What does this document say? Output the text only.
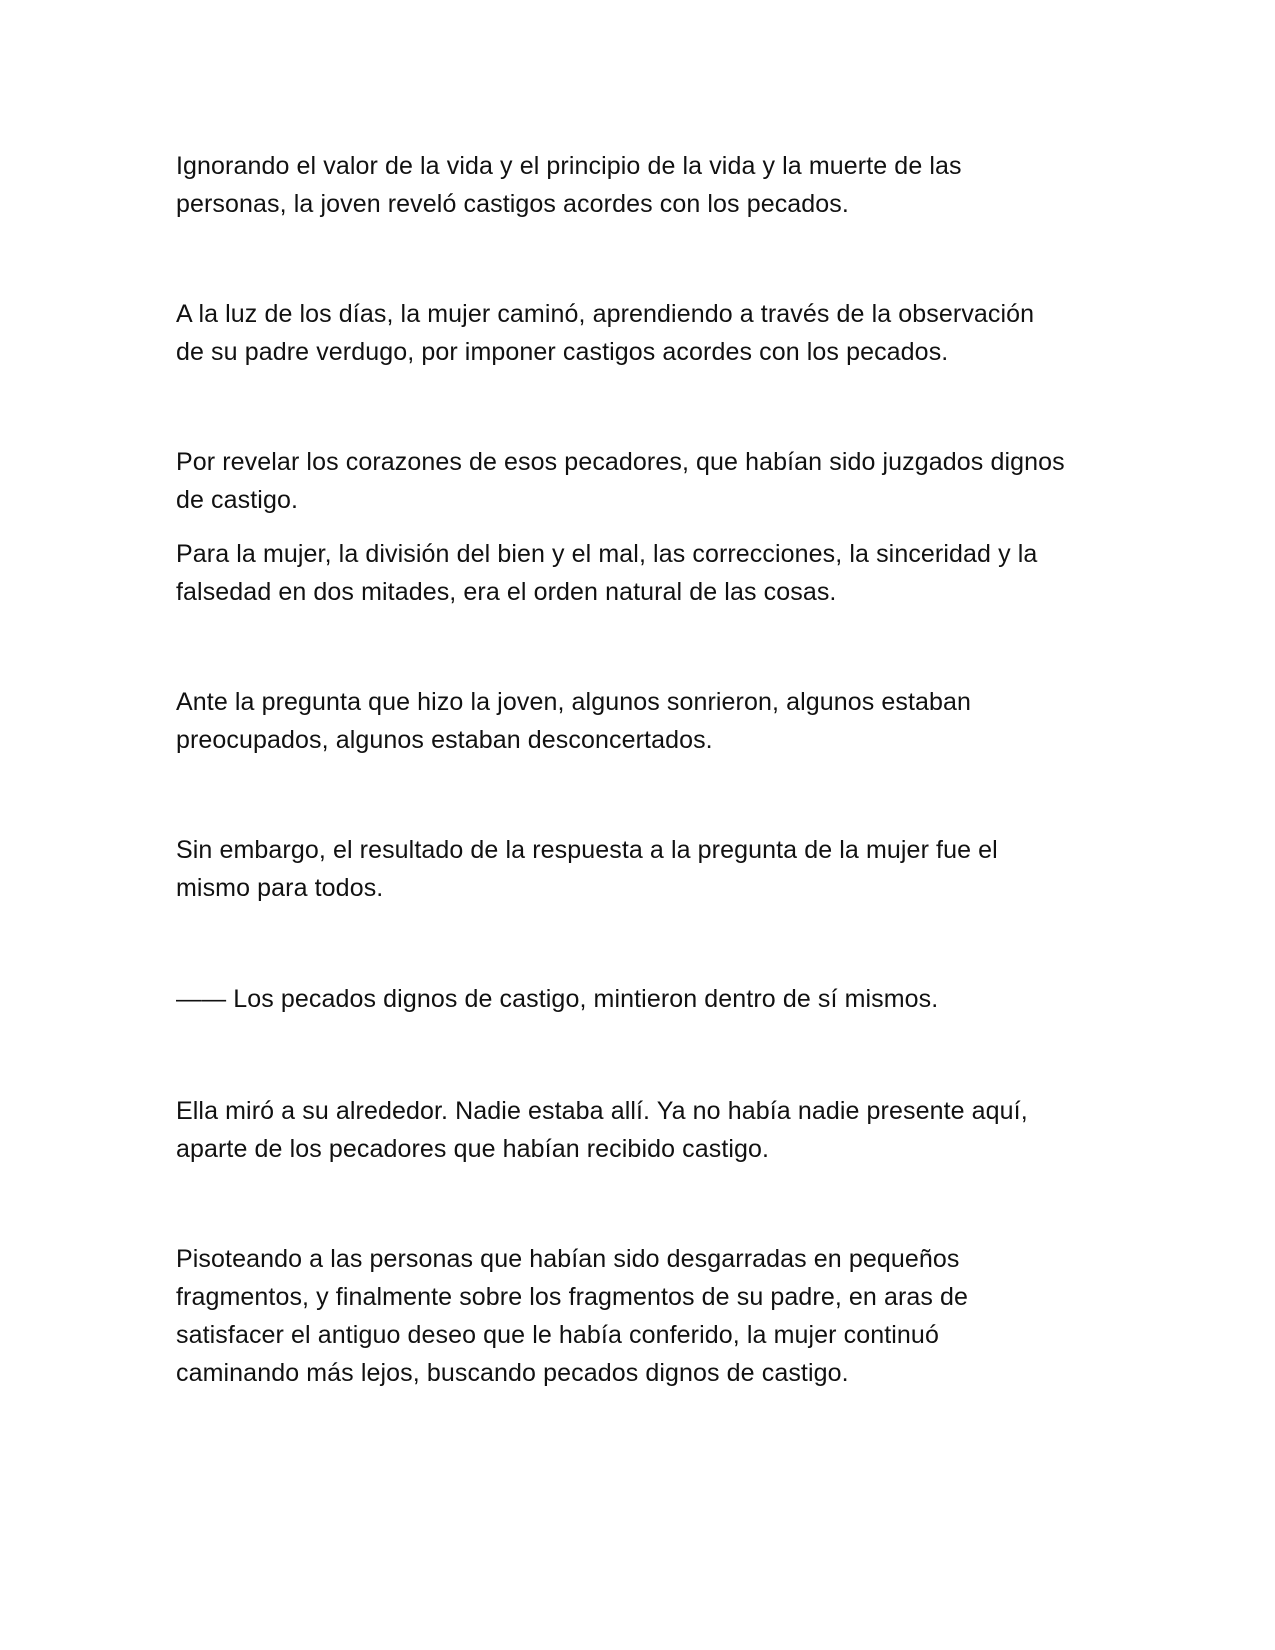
Ignorando el valor de la vida y el principio de la vida y la muerte de las
personas, la joven reveló castigos acordes con los pecados.

A la luz de los días, la mujer caminó, aprendiendo a través de la observación
de su padre verdugo, por imponer castigos acordes con los pecados.

Por revelar los corazones de esos pecadores, que habían sido juzgados dignos
de castigo.

Para la mujer, la división del bien y el mal, las correcciones, la sinceridad y la
falsedad en dos mitades, era el orden natural de las cosas.

Ante la pregunta que hizo la joven, algunos sonrieron, algunos estaban
preocupados, algunos estaban desconcertados.

Sin embargo, el resultado de la respuesta a la pregunta de la mujer fue el
mismo para todos.

—— Los pecados dignos de castigo, mintieron dentro de sí mismos.

Ella miró a su alrededor. Nadie estaba allí. Ya no había nadie presente aquí,
aparte de los pecadores que habían recibido castigo.

Pisoteando a las personas que habían sido desgarradas en pequeños
fragmentos, y finalmente sobre los fragmentos de su padre, en aras de
satisfacer el antiguo deseo que le había conferido, la mujer continuó
caminando más lejos, buscando pecados dignos de castigo.
